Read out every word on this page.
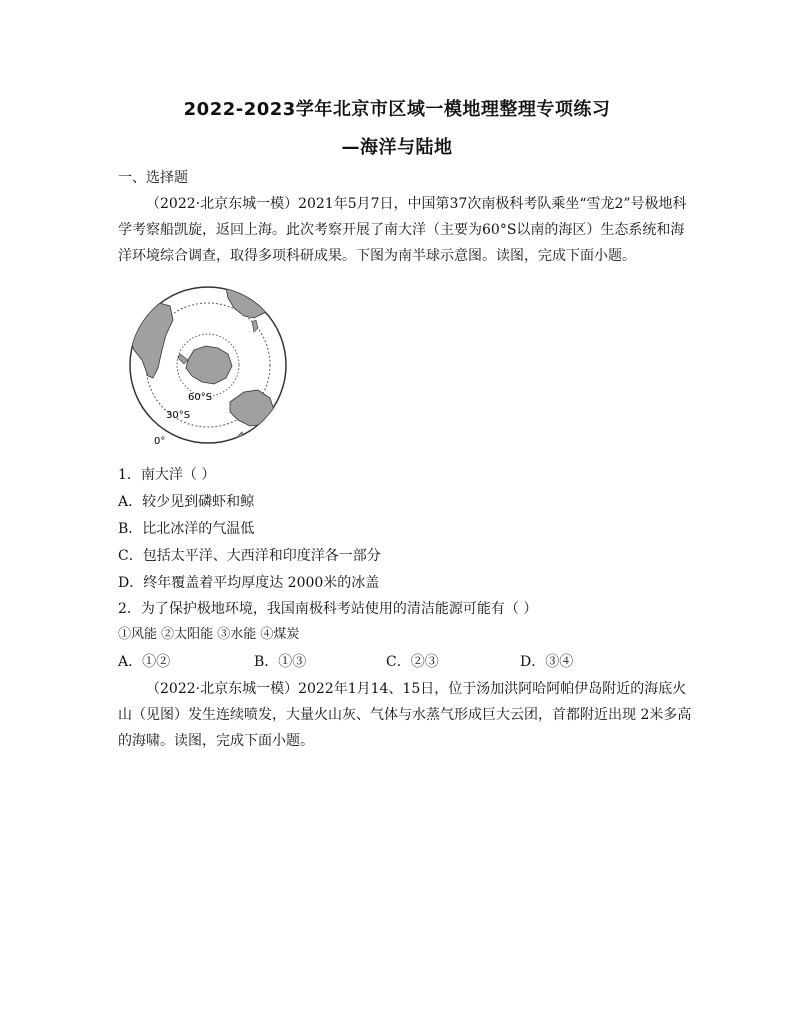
2022-2023学年北京市区域一模地理整理专项练习
—海洋与陆地
一、选择题
（2022·北京东城一模）2021年5月7日，中国第37次南极科考队乘坐“雪龙2”号极地科
学考察船凯旋，返回上海。此次考察开展了南大洋（主要为60°S以南的海区）生态系统和海
洋环境综合调查，取得多项科研成果。下图为南半球示意图。读图，完成下面小题。
60°S
30°S
0°
1．南大洋（ ）
A．较少见到磷虾和鲸
B．比北冰洋的气温低
C．包括太平洋、大西洋和印度洋各一部分
D．终年覆盖着平均厚度达 2000米的冰盖
2．为了保护极地环境，我国南极科考站使用的清洁能源可能有（ ）
①风能 ②太阳能 ③水能 ④煤炭
A．①②	B．①③	C．②③	D．③④
（2022·北京东城一模）2022年1月14、15日，位于汤加洪阿哈阿帕伊岛附近的海底火
山（见图）发生连续喷发，大量火山灰、气体与水蒸气形成巨大云团，首都附近出现 2米多高
的海啸。读图，完成下面小题。
